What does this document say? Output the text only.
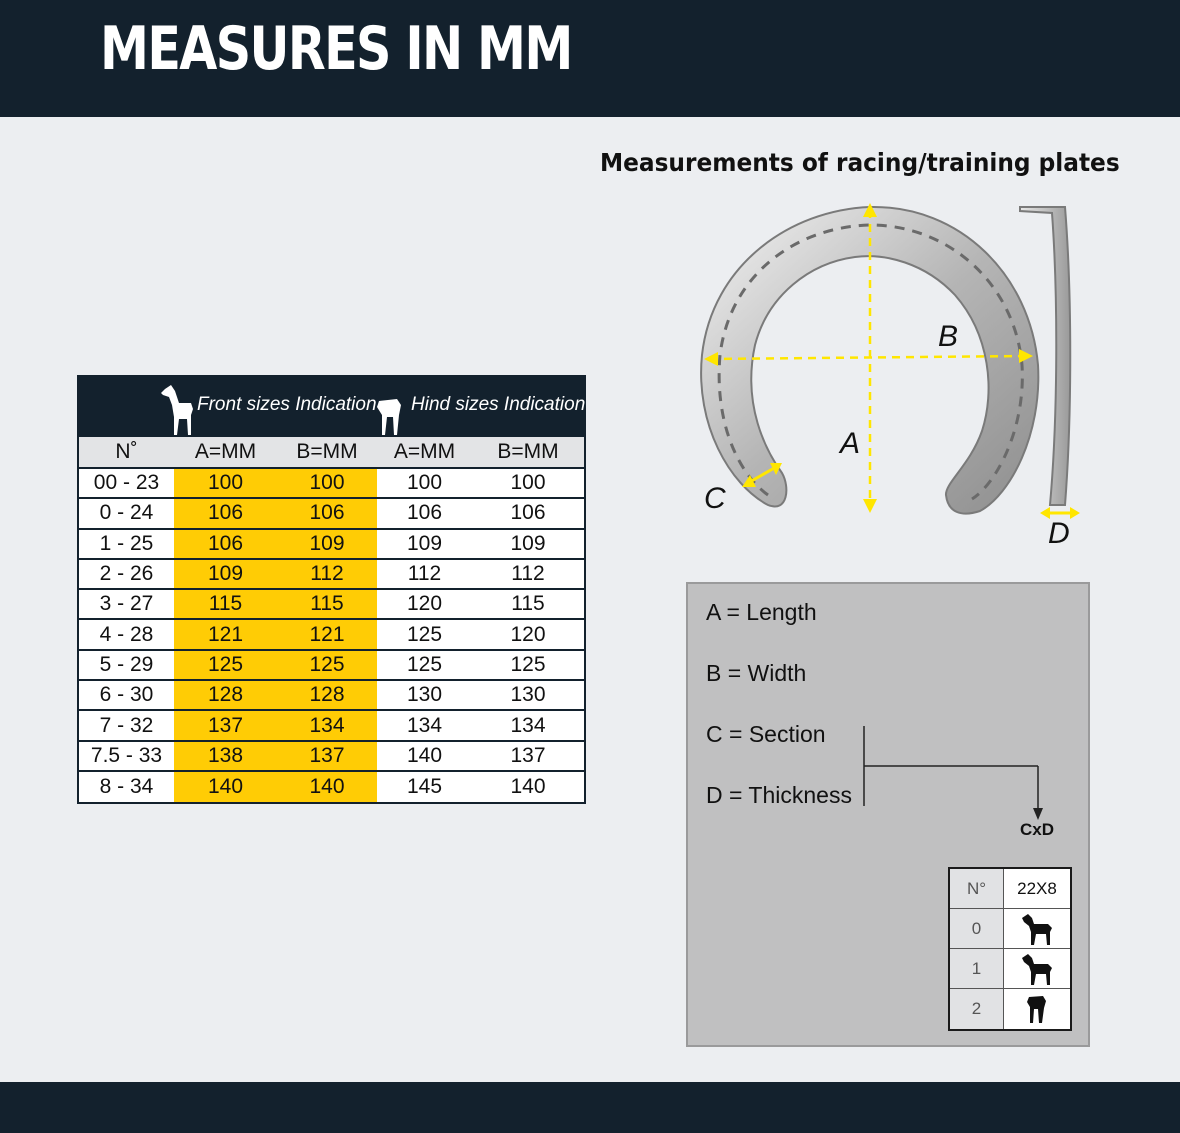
MEASURES IN MM
Measurements of racing/training plates
Front sizes Indication Hind sizes Indication
N˚	A=MM	B=MM	A=MM	B=MM
00 - 23	100	100	100	100
0 - 24	106	106	106	106
1 - 25	106	109	109	109
2 - 26	109	112	112	112
3 - 27	115	115	120	115
4 - 28	121	121	125	120
5 - 29	125	125	125	125
6 - 30	128	128	130	130
7 - 32	137	134	134	134
7.5 - 33	138	137	140	137
8 - 34	140	140	145	140
B
A
C
D
A = Length
B = Width
C = Section
D = Thickness
CxD
N°	22X8
0
1
2
